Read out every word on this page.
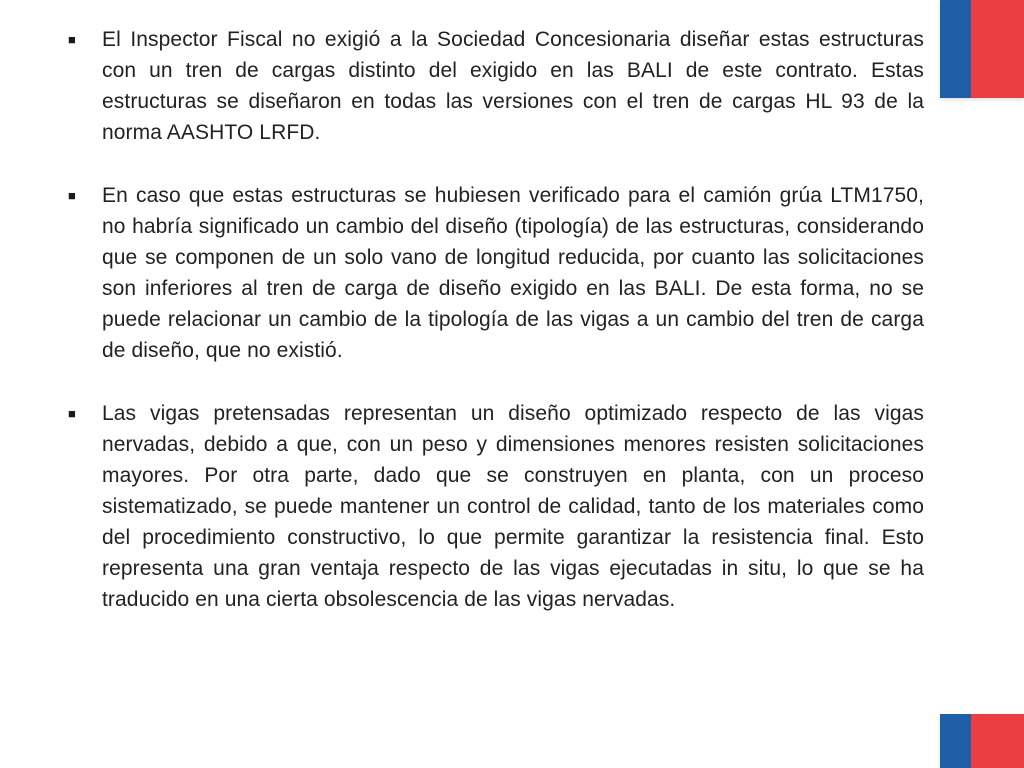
■	El Inspector Fiscal no exigió a la Sociedad Concesionaria diseñar estas estructuras con un tren de cargas distinto del exigido en las BALI de este contrato. Estas estructuras se diseñaron en todas las versiones con el tren de cargas HL 93 de la norma AASHTO LRFD.
■	En caso que estas estructuras se hubiesen verificado para el camión grúa LTM1750, no habría significado un cambio del diseño (tipología) de las estructuras, considerando que se componen de un solo vano de longitud reducida, por cuanto las solicitaciones son inferiores al tren de carga de diseño exigido en las BALI. De esta forma, no se puede relacionar un cambio de la tipología de las vigas a un cambio del tren de carga de diseño, que no existió.
■	Las vigas pretensadas representan un diseño optimizado respecto de las vigas nervadas, debido a que, con un peso y dimensiones menores resisten solicitaciones mayores. Por otra parte, dado que se construyen en planta, con un proceso sistematizado, se puede mantener un control de calidad, tanto de los materiales como del procedimiento constructivo, lo que permite garantizar la resistencia final. Esto representa una gran ventaja respecto de las vigas ejecutadas in situ, lo que se ha traducido en una cierta obsolescencia de las vigas nervadas.
